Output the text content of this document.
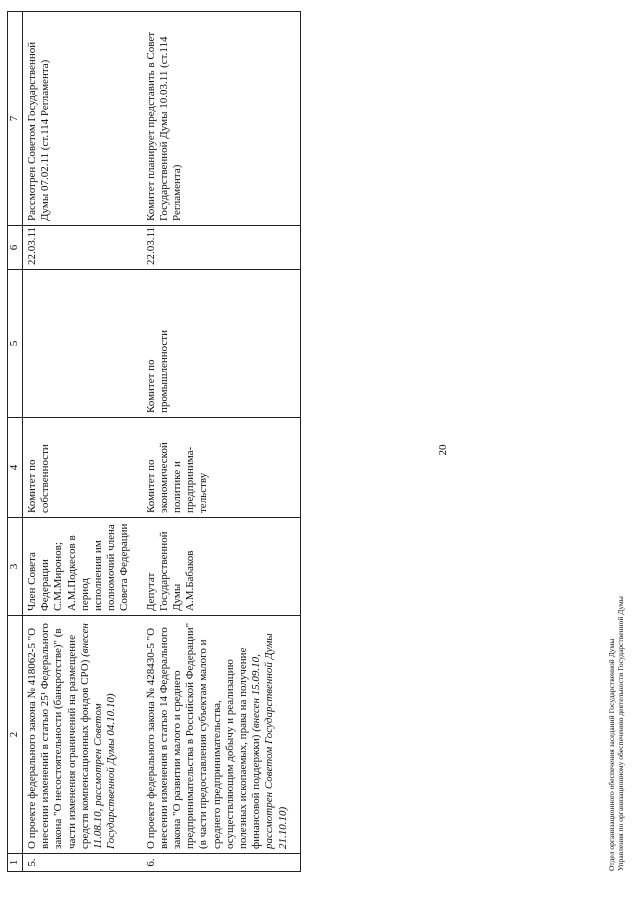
20
1	2	3	4	5	6	7
5.	О проекте федерального закона № 418062-5 "О внесении изменений в статью 25¹ Федерального закона "О несостоятельности (банкротстве)" (в части изменения ограничений на размещение средств компенсационных фондов СРО) (внесен 11.08.10, рассмотрен Советом Государственной Думы 04.10.10)	Член Совета Федерации С.М.Миронов; А.М.Подкесов в период исполнения им полномочий члена Совета Федерации	Комитет по собственности		22.03.11	Рассмотрен Советом Государственной Думы 07.02.11 (ст.114 Регламента)
6.	О проекте федерального закона № 428430-5 "О внесении изменения в статью 14 Федерального закона "О развитии малого и среднего предпринимательства в Российской Федерации" (в части предоставления субъектам малого и среднего предпринимательства, осуществляющим добычу и реализацию полезных ископаемых, права на получение финансовой поддержки) (внесен 15.09.10, рассмотрен Советом Государственной Думы 21.10.10)	Депутат Государственной Думы А.М.Бабаков	Комитет по экономической политике и предпринима-тельству	Комитет по промышленности	22.03.11	Комитет планирует представить в Совет Государственной Думы 10.03.11 (ст.114 Регламента)
Отдел организационного обеспечения заседаний Государственной Думы Управления по организационному обеспечению деятельности Государственной Думы
